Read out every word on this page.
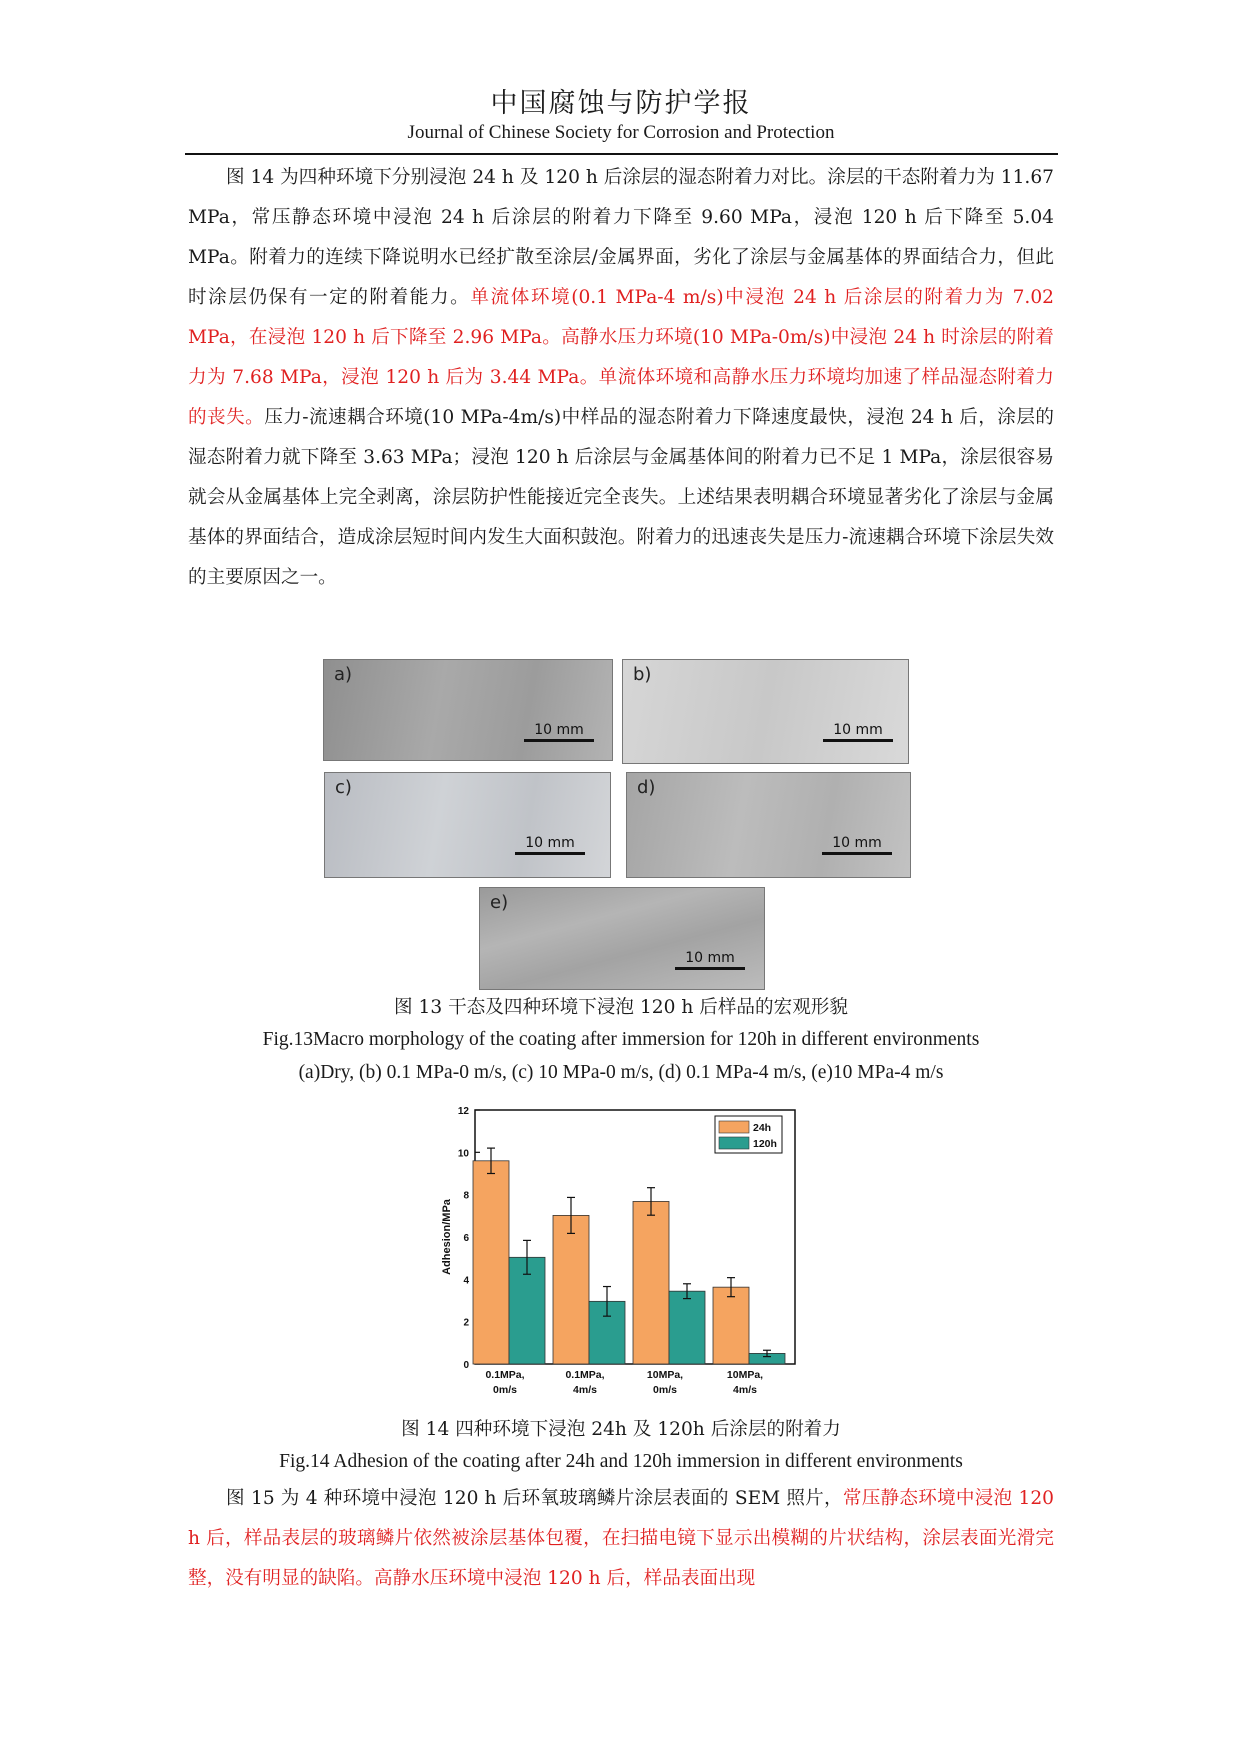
中国腐蚀与防护学报
Journal of Chinese Society for Corrosion and Protection

图 14 为四种环境下分别浸泡 24 h 及 120 h 后涂层的湿态附着力对比。涂层的干态附着力为 11.67 MPa，常压静态环境中浸泡 24 h 后涂层的附着力下降至 9.60 MPa，浸泡 120 h 后下降至 5.04 MPa。附着力的连续下降说明水已经扩散至涂层/金属界面，劣化了涂层与金属基体的界面结合力，但此时涂层仍保有一定的附着能力。单流体环境(0.1 MPa-4 m/s)中浸泡 24 h 后涂层的附着力为 7.02 MPa，在浸泡 120 h 后下降至 2.96 MPa。高静水压力环境(10 MPa-0m/s)中浸泡 24 h 时涂层的附着力为 7.68 MPa，浸泡 120 h 后为 3.44 MPa。单流体环境和高静水压力环境均加速了样品湿态附着力的丧失。压力-流速耦合环境(10 MPa-4m/s)中样品的湿态附着力下降速度最快，浸泡 24 h 后，涂层的湿态附着力就下降至 3.63 MPa；浸泡 120 h 后涂层与金属基体间的附着力已不足 1 MPa，涂层很容易就会从金属基体上完全剥离，涂层防护性能接近完全丧失。上述结果表明耦合环境显著劣化了涂层与金属基体的界面结合，造成涂层短时间内发生大面积鼓泡。附着力的迅速丧失是压力-流速耦合环境下涂层失效的主要原因之一。

a)
10 mm
b)
10 mm
c)
10 mm
d)
10 mm
e)
10 mm

图 13 干态及四种环境下浸泡 120 h 后样品的宏观形貌

Fig.13Macro morphology of the coating after immersion for 120h in different environments

(a)Dry, (b) 0.1 MPa-0 m/s, (c) 10 MPa-0 m/s, (d) 0.1 MPa-4 m/s, (e)10 MPa-4 m/s

0
2
4
6
8
10
12
Adhesion/MPa
0.1MPa,
0m/s
0.1MPa,
4m/s
10MPa,
0m/s
10MPa,
4m/s
24h
120h

图 14 四种环境下浸泡 24h 及 120h 后涂层的附着力

Fig.14 Adhesion of the coating after 24h and 120h immersion in different environments

图 15 为 4 种环境中浸泡 120 h 后环氧玻璃鳞片涂层表面的 SEM 照片，常压静态环境中浸泡 120 h 后，样品表层的玻璃鳞片依然被涂层基体包覆，在扫描电镜下显示出模糊的片状结构，涂层表面光滑完整，没有明显的缺陷。高静水压环境中浸泡 120 h 后，样品表面出现
